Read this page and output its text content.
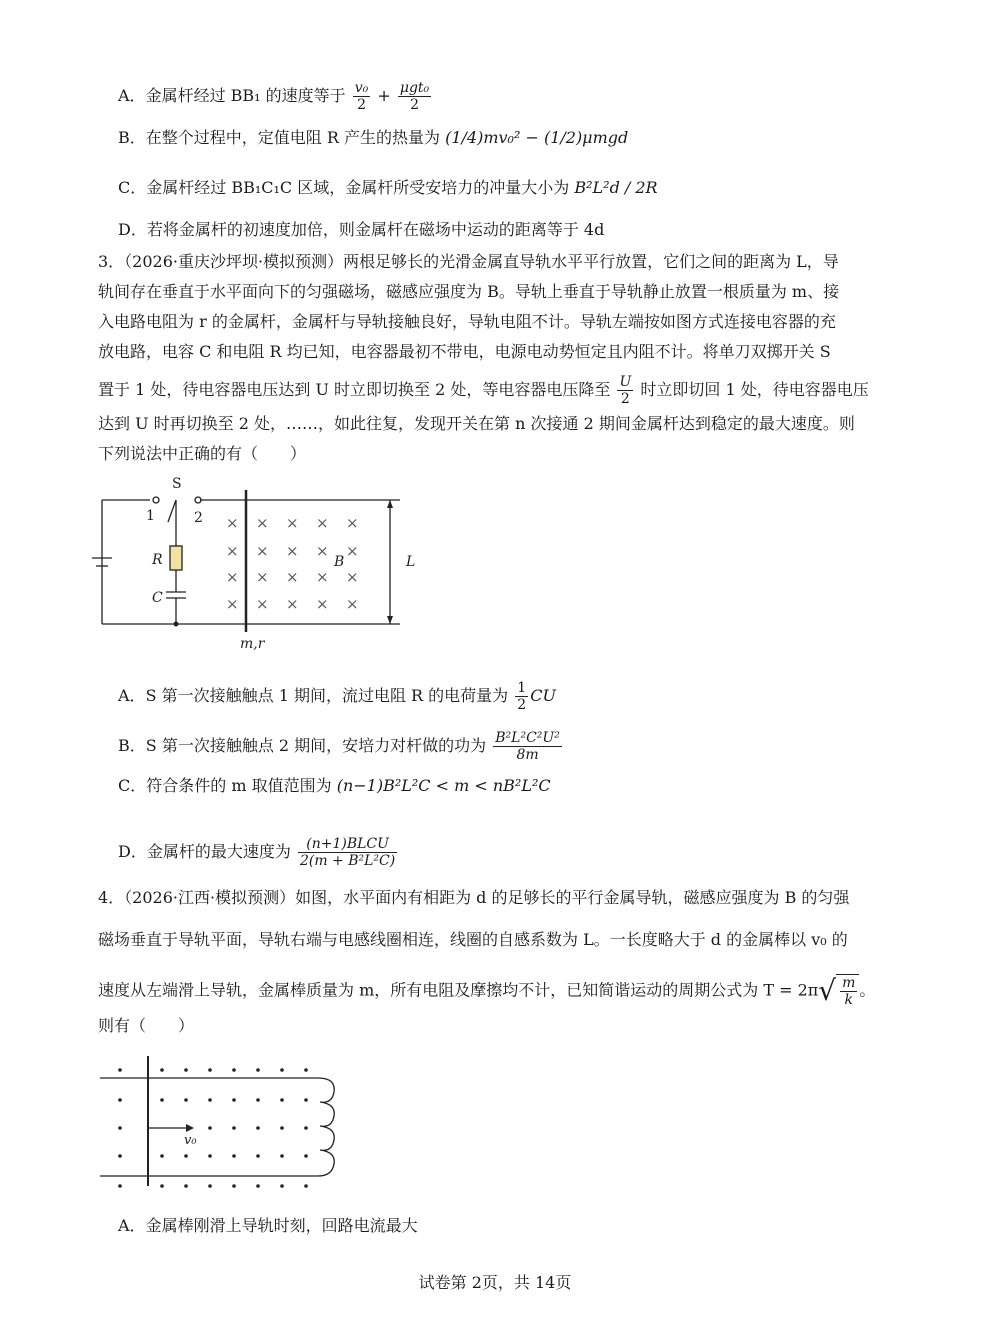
A．金属杆经过 BB₁ 的速度等于 $\frac{\text{v₀}}{2} + \frac{\text{μgt₀}}{2}$
B．在整个过程中，定值电阻 R 产生的热量为 (1/4)mv₀² − (1/2)μmgd
C．金属杆经过 BB₁C₁C 区域，金属杆所受安培力的冲量大小为 B²L²d / 2R
D．若将金属杆的初速度加倍，则金属杆在磁场中运动的距离等于 4d
3．（2026·重庆沙坪坝·模拟预测）两根足够长的光滑金属直导轨水平平行放置，它们之间的距离为 L，导
轨间存在垂直于水平面向下的匀强磁场，磁感应强度为 B。导轨上垂直于导轨静止放置一根质量为 m、接
入电路电阻为 r 的金属杆，金属杆与导轨接触良好，导轨电阻不计。导轨左端按如图方式连接电容器的充
放电路，电容 C 和电阻 R 均已知，电容器最初不带电，电源电动势恒定且内阻不计。将单刀双掷开关 S
置于 1 处，待电容器电压达到 U 时立即切换至 2 处，等电容器电压降至 $\frac{U}{2}$ 时立即切回 1 处，待电容器电压
达到 U 时再切换至 2 处，……，如此往复，发现开关在第 n 次接通 2 期间金属杆达到稳定的最大速度。则
下列说法中正确的有（　　）
× × × × ×
× × × × ×
× × × × ×
× × × × ×
S
1	2
R
C
B	L
m,r
A．S 第一次接触触点 1 期间，流过电阻 R 的电荷量为 $\frac{1}{2}$ CU
B．S 第一次接触触点 2 期间，安培力对杆做的功为 $\frac{\text{B²L²C²U²}}{8m}$
C．符合条件的 m 取值范围为 (n−1)B²L²C < m < nB²L²C
D．金属杆的最大速度为 $\frac{\text{(n+1)BLCU}}{\text{2(m + B²L²C)}}$
4．（2026·江西·模拟预测）如图，水平面内有相距为 d 的足够长的平行金属导轨，磁感应强度为 B 的匀强
磁场垂直于导轨平面，导轨右端与电感线圈相连，线圈的自感系数为 L。一长度略大于 d 的金属棒以 v₀ 的
速度从左端滑上导轨，金属棒质量为 m，所有电阻及摩擦均不计，已知简谐运动的周期公式为 $T = 2\pi√ \frac{m}{k}$ 。
则有（　　）
v₀
A．金属棒刚滑上导轨时刻，回路电流最大
试卷第 2页，共 14页
